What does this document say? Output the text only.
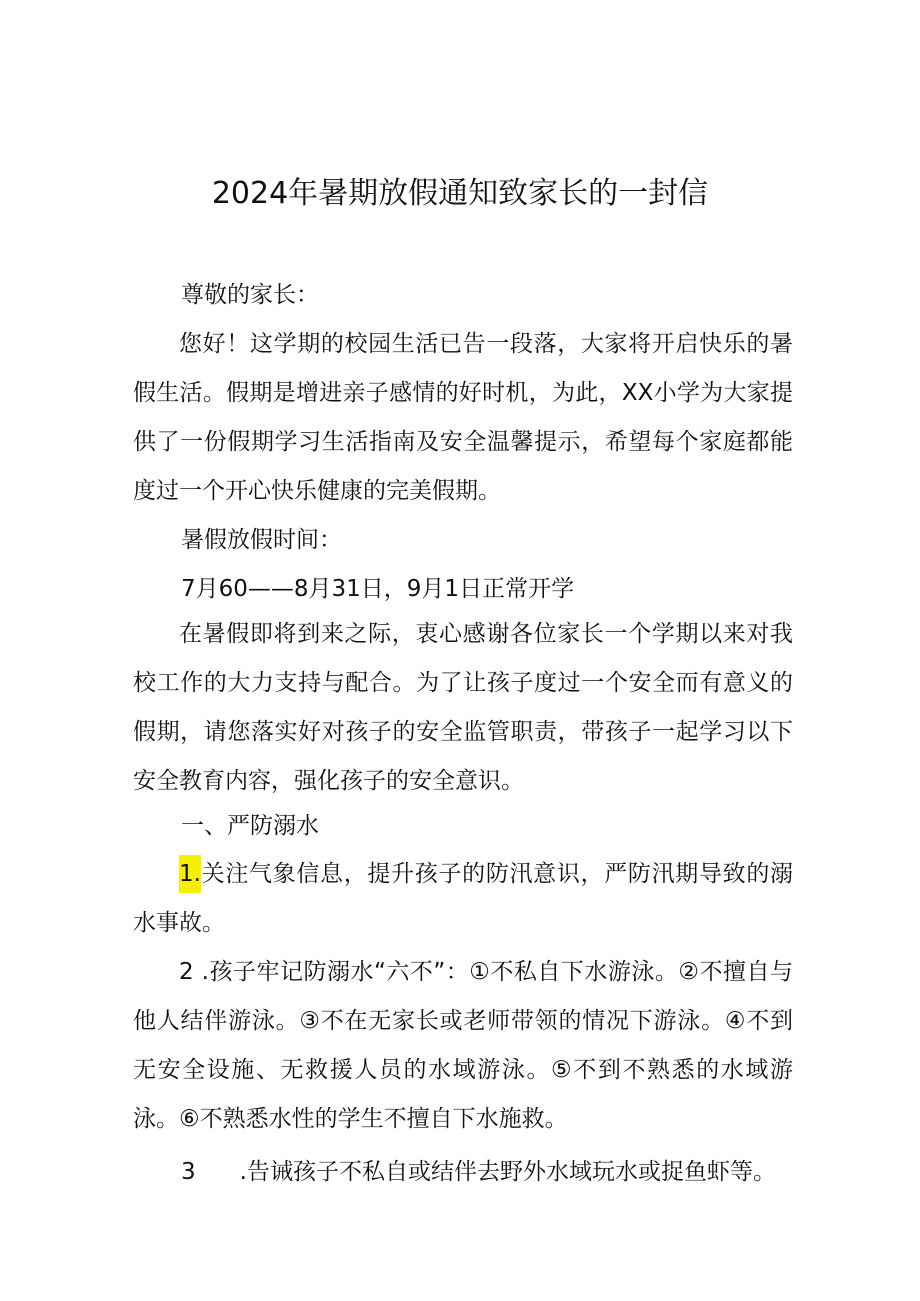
2024年暑期放假通知致家长的一封信

尊敬的家长：

您好！这学期的校园生活已告一段落，大家将开启快乐的暑假生活。假期是增进亲子感情的好时机，为此，XX小学为大家提供了一份假期学习生活指南及安全温馨提示，希望每个家庭都能度过一个开心快乐健康的完美假期。

暑假放假时间：

7月60——8月31日，9月1日正常开学

在暑假即将到来之际，衷心感谢各位家长一个学期以来对我校工作的大力支持与配合。为了让孩子度过一个安全而有意义的假期，请您落实好对孩子的安全监管职责，带孩子一起学习以下安全教育内容，强化孩子的安全意识。

一、严防溺水

1.关注气象信息，提升孩子的防汛意识，严防汛期导致的溺水事故。

2 .孩子牢记防溺水“六不”：①不私自下水游泳。②不擅自与他人结伴游泳。③不在无家长或老师带领的情况下游泳。④不到无安全设施、无救援人员的水域游泳。⑤不到不熟悉的水域游泳。⑥不熟悉水性的学生不擅自下水施救。

3 .告诫孩子不私自或结伴去野外水域玩水或捉鱼虾等。
